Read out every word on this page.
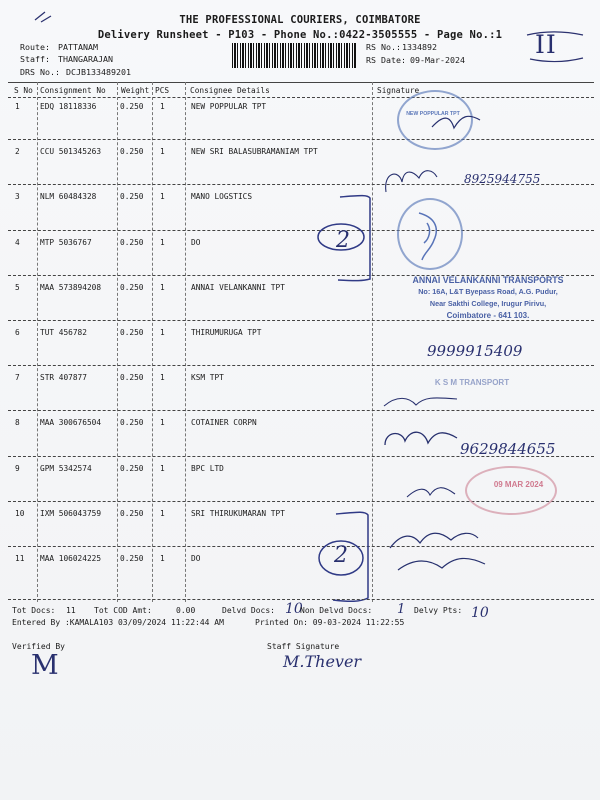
THE PROFESSIONAL COURIERS, COIMBATORE
Delivery Runsheet - P103 - Phone No.:0422-3505555 - Page No.:1
Route: PATTANAM
Staff: THANGARAJAN
DRS No.: DCJB133489201
RS No.: 1334892
RS Date: 09-Mar-2024
II
S No Consignment No Weight PCS	Consignee Details	Signature
1	EDQ 18118336	0.250 1	NEW POPPULAR TPT
2	CCU 501345263 0.250 1	NEW SRI BALASUBRAMANIAM TPT
3	NLM 60484328	0.250 1	MANO LOGSTICS
4	MTP 5036767	0.250 1	DO
5	MAA 573894208 0.250 1	ANNAI VELANKANNI TPT
6	TUT 456782	0.250 1	THIRUMURUGA TPT
7	STR 407877	0.250 1	KSM TPT
8	MAA 300676504 0.250 1	COTAINER CORPN
9	GPM 5342574	0.250 1	BPC LTD
10 IXM 506043759 0.250 1	SRI THIRUKUMARAN TPT
11 MAA 106024225 0.250 1	DO
2
2
NEW POPPULAR TPT
8925944755
ANNAI VELANKANNI TRANSPORTS
No: 16A, L&T Byepass Road, A.G. Pudur,
Near Sakthi College, Irugur Pirivu,
Coimbatore - 641 103.
9999915409
K S M TRANSPORT
9629844655
09 MAR 2024
Tot Docs: 11 Tot COD Amt:	0.00	Delvd Docs: 10
Non Delvd Docs: 1 Delvy Pts: 10
Entered By :KAMALA103 03/09/2024 11:22:44 AM	Printed On: 09-03-2024 11:22:55
Verified By	Staff Signature
M	M.Thever
